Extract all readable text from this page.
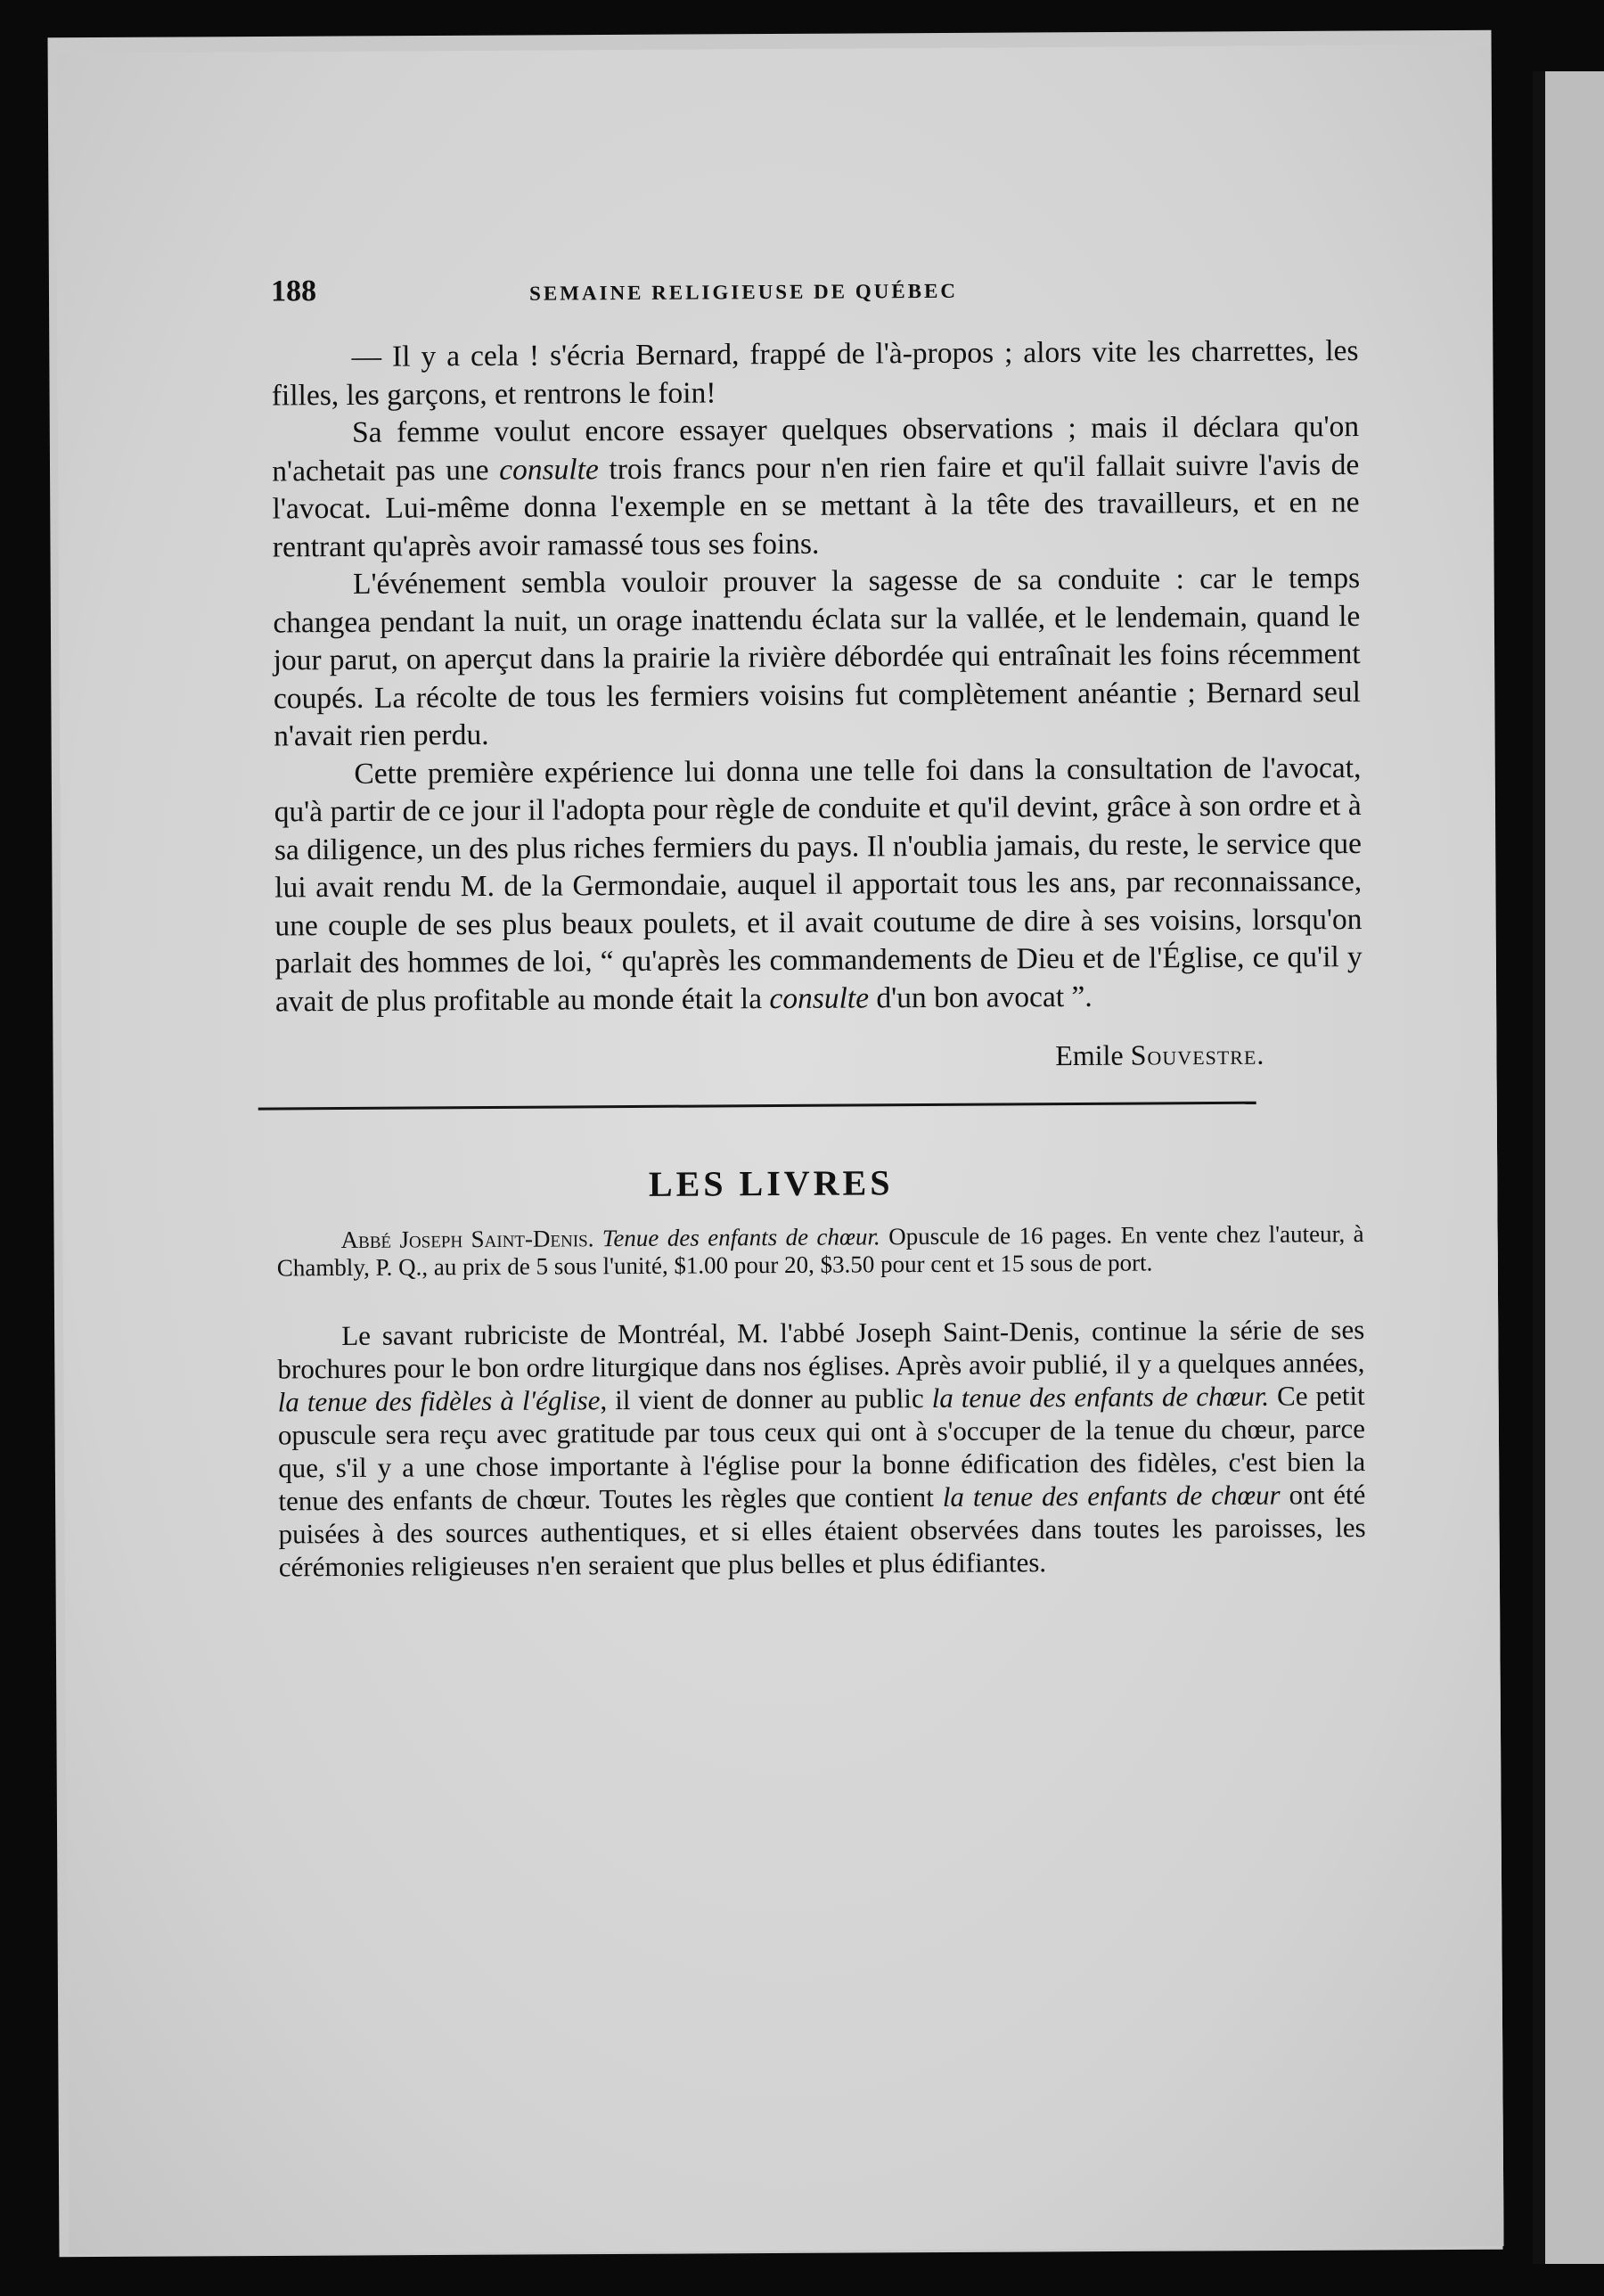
188	SEMAINE RELIGIEUSE DE QUÉBEC

— Il y a cela ! s'écria Bernard, frappé de l'à-propos ; alors vite les charrettes, les filles, les garçons, et rentrons le foin!

Sa femme voulut encore essayer quelques observations ; mais il déclara qu'on n'achetait pas une consulte trois francs pour n'en rien faire et qu'il fallait suivre l'avis de l'avocat. Lui-même donna l'exemple en se mettant à la tête des travailleurs, et en ne rentrant qu'après avoir ramassé tous ses foins.

L'événement sembla vouloir prouver la sagesse de sa conduite : car le temps changea pendant la nuit, un orage inattendu éclata sur la vallée, et le lendemain, quand le jour parut, on aperçut dans la prairie la rivière débordée qui entraînait les foins récemment coupés. La récolte de tous les fermiers voisins fut complètement anéantie ; Bernard seul n'avait rien perdu.

Cette première expérience lui donna une telle foi dans la consultation de l'avocat, qu'à partir de ce jour il l'adopta pour règle de conduite et qu'il devint, grâce à son ordre et à sa diligence, un des plus riches fermiers du pays. Il n'oublia jamais, du reste, le service que lui avait rendu M. de la Germondaie, auquel il apportait tous les ans, par reconnaissance, une couple de ses plus beaux poulets, et il avait coutume de dire à ses voisins, lorsqu'on parlait des hommes de loi, “ qu'après les commandements de Dieu et de l'Église, ce qu'il y avait de plus profitable au monde était la consulte d'un bon avocat ”.

Emile Souvestre.
LES LIVRES
Abbé Joseph Saint-Denis. Tenue des enfants de chœur. Opuscule de 16 pages. En vente chez l'auteur, à Chambly, P. Q., au prix de 5 sous l'unité, $1.00 pour 20, $3.50 pour cent et 15 sous de port.

Le savant rubriciste de Montréal, M. l'abbé Joseph Saint-Denis, continue la série de ses brochures pour le bon ordre liturgique dans nos églises. Après avoir publié, il y a quelques années, la tenue des fidèles à l'église, il vient de donner au public la tenue des enfants de chœur. Ce petit opuscule sera reçu avec gratitude par tous ceux qui ont à s'occuper de la tenue du chœur, parce que, s'il y a une chose importante à l'église pour la bonne édification des fidèles, c'est bien la tenue des enfants de chœur. Toutes les règles que contient la tenue des enfants de chœur ont été puisées à des sources authentiques, et si elles étaient observées dans toutes les paroisses, les cérémonies religieuses n'en seraient que plus belles et plus édifiantes.
